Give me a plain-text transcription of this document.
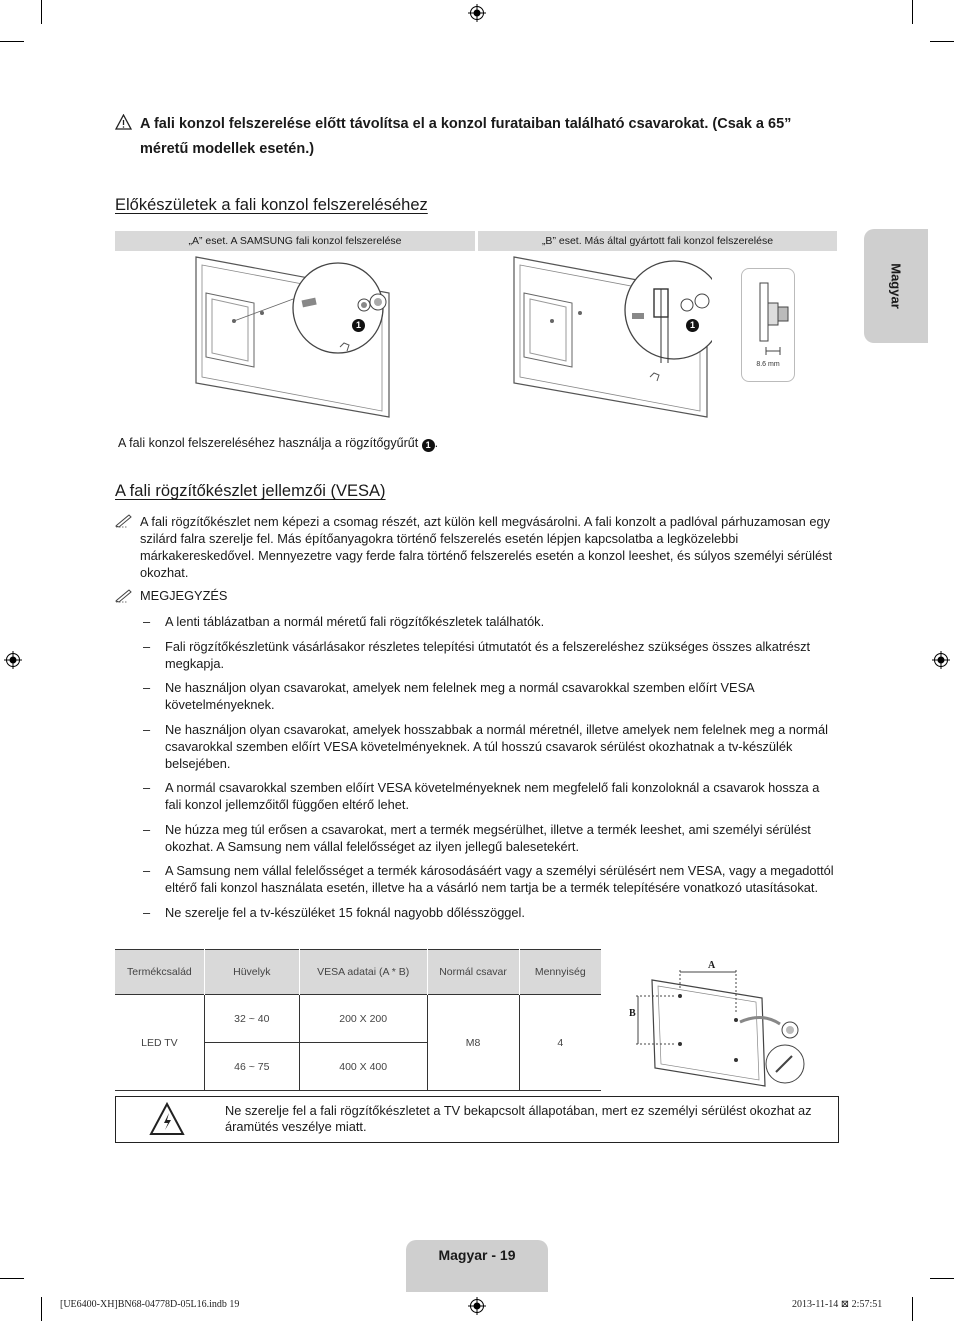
A fali konzol felszerelése előtt távolítsa el a konzol furataiban található csavarokat. (Csak a 65” méretű modellek esetén.)
Előkészületek a fali konzol felszereléséhez
„A” eset. A SAMSUNG fali konzol felszerelése	„B” eset. Más által gyártott fali konzol felszerelése
1	1
8.6 mm
A fali konzol felszereléséhez használja a rögzítőgyűrűt 1 .
A fali rögzítőkészlet jellemzői (VESA)
A fali rögzítőkészlet nem képezi a csomag részét, azt külön kell megvásárolni. A fali konzolt a padlóval párhuzamosan egy szilárd falra szerelje fel. Más építőanyagokra történő felszerelés esetén lépjen kapcsolatba a legközelebbi márkakereskedővel. Mennyezetre vagy ferde falra történő felszerelés esetén a konzol leeshet, és súlyos személyi sérülést okozhat.
MEGJEGYZÉS
– A lenti táblázatban a normál méretű fali rögzítőkészletek találhatók.
– Fali rögzítőkészletünk vásárlásakor részletes telepítési útmutatót és a felszereléshez szükséges összes alkatrészt megkapja.
– Ne használjon olyan csavarokat, amelyek nem felelnek meg a normál csavarokkal szemben előírt VESA követelményeknek.
– Ne használjon olyan csavarokat, amelyek hosszabbak a normál méretnél, illetve amelyek nem felelnek meg a normál csavarokkal szemben előírt VESA követelményeknek. A túl hosszú csavarok sérülést okozhatnak a tv-készülék belsejében.
– A normál csavarokkal szemben előírt VESA követelményeknek nem megfelelő fali konzoloknál a csavarok hossza a fali konzol jellemzőitől függően eltérő lehet.
– Ne húzza meg túl erősen a csavarokat, mert a termék megsérülhet, illetve a termék leeshet, ami személyi sérülést okozhat. A Samsung nem vállal felelősséget az ilyen jellegű balesetekért.
– A Samsung nem vállal felelősséget a termék károsodásáért vagy a személyi sérülésért nem VESA, vagy a megadottól eltérő fali konzol használata esetén, illetve ha a vásárló nem tartja be a termék telepítésére vonatkozó utasításokat.
– Ne szerelje fel a tv-készüléket 15 foknál nagyobb dőlésszöggel.
Termékcsalád	Hüvelyk	VESA adatai (A * B)	Normál csavar	Mennyiség
LED TV	32 ~ 40	200 X 200	M8	4
	46 ~ 75	400 X 400		
A
B
Ne szerelje fel a fali rögzítőkészletet a TV bekapcsolt állapotában, mert ez személyi sérülést okozhat az áramütés veszélye miatt.
Magyar
Magyar - 19
[UE6400-XH]BN68-04778D-05L16.indb 19	2013-11-14 ⊠ 2:57:51
